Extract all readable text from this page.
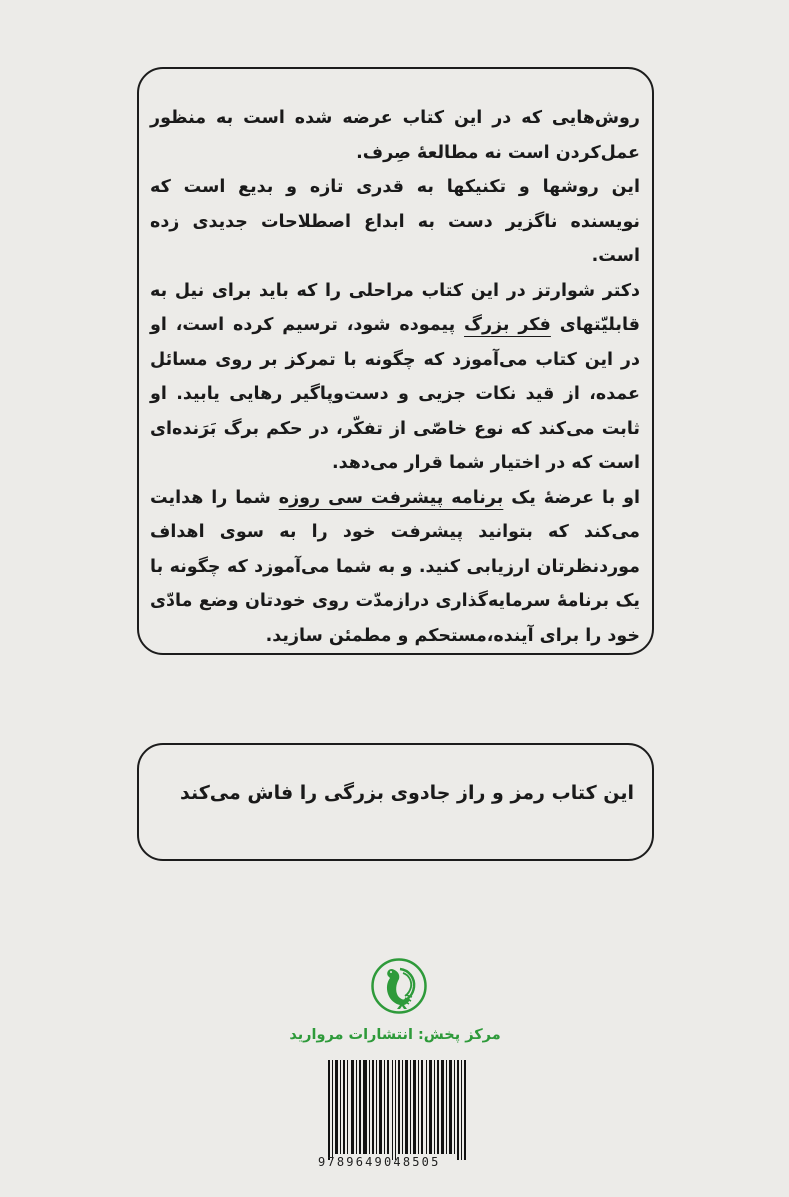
روش‌هایی که در این کتاب عرضه شده است به منظور عمل‌کردن است نه مطالعهٔ صِرف.

این روشها و تکنیکها به قدری تازه و بدیع است که نویسنده ناگزیر دست به ابداع اصطلاحات جدیدی زده است.

دکتر شوارتز در این کتاب مراحلی را که باید برای نیل به قابلیّتهای فکر بزرگ پیموده شود، ترسیم کرده است، او در این کتاب می‌آموزد که چگونه با تمرکز بر روی مسائل عمده، از قید نکات جزیی و دست‌وپاگیر رهایی یابید. او ثابت می‌کند که نوع خاصّی از تفکّر، در حکم برگ بَرَنده‌ای است که در اختیار شما قرار می‌دهد.

او با عرضهٔ یک برنامه پیشرفت سی روزه شما را هدایت می‌کند که بتوانید پیشرفت خود را به سوی اهداف موردنظرتان ارزیابی کنید. و به شما می‌آموزد که چگونه با یک برنامهٔ سرمایه‌گذاری درازمدّت روی خودتان وضع مادّی خود را برای آینده،مستحکم و مطمئن سازید.

این کتاب رمز و راز جادوی بزرگی را فاش می‌کند
مرکز پخش: انتشارات مروارید
9789649048505
